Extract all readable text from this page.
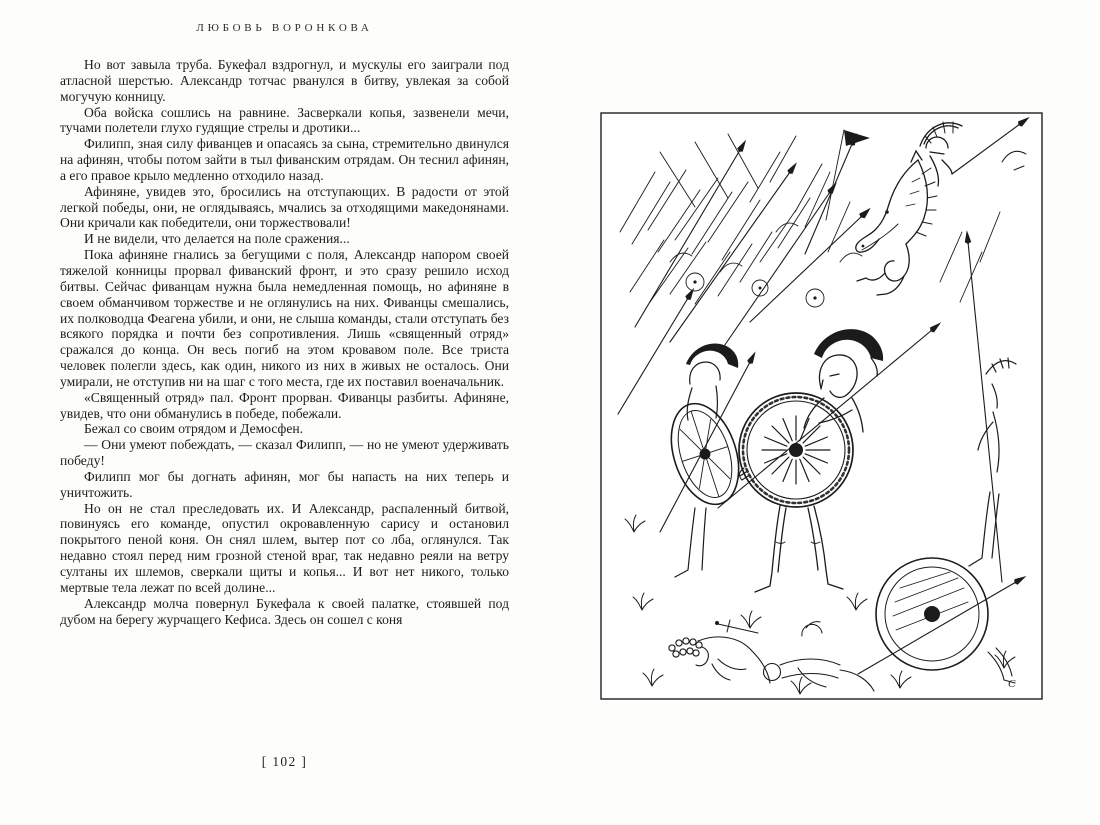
ЛЮБОВЬ ВОРОНКОВА

Но вот завыла труба. Букефал вздрогнул, и мускулы его заиграли под атласной шерстью. Александр тотчас рванулся в битву, увлекая за собой могучую конницу.

Оба войска сошлись на равнине. Засверкали копья, зазвенели мечи, тучами полетели глухо гудящие стрелы и дротики...

Филипп, зная силу фиванцев и опасаясь за сына, стремительно двинулся на афинян, чтобы потом зайти в тыл фиванским отрядам. Он теснил афинян, а его правое крыло медленно отходило назад.

Афиняне, увидев это, бросились на отступающих. В радости от этой легкой победы, они, не оглядываясь, мчались за отходящими македонянами. Они кричали как победители, они торжествовали!

И не видели, что делается на поле сражения...

Пока афиняне гнались за бегущими с поля, Александр напором своей тяжелой конницы прорвал фиванский фронт, и это сразу решило исход битвы. Сейчас фиванцам нужна была немедленная помощь, но афиняне в своем обманчивом торжестве и не оглянулись на них. Фиванцы смешались, их полководца Феагена убили, и они, не слыша команды, стали отступать без всякого порядка и почти без сопротивления. Лишь «священный отряд» сражался до конца. Он весь погиб на этом кровавом поле. Все триста человек полегли здесь, как один, никого из них в живых не осталось. Они умирали, не отступив ни на шаг с того места, где их поставил военачальник.

«Священный отряд» пал. Фронт прорван. Фиванцы разбиты. Афиняне, увидев, что они обманулись в победе, побежали.

Бежал со своим отрядом и Демосфен.

— Они умеют побеждать, — сказал Филипп, — но не умеют удерживать победу!

Филипп мог бы догнать афинян, мог бы напасть на них теперь и уничтожить.

Но он не стал преследовать их. И Александр, распаленный битвой, повинуясь его команде, опустил окровавленную сарису и остановил покрытого пеной коня. Он снял шлем, вытер пот со лба, оглянулся. Так недавно стоял перед ним грозной стеной враг, так недавно реяли на ветру султаны их шлемов, сверкали щиты и копья... И вот нет никого, только мертвые тела лежат по всей долине...

Александр молча повернул Букефала к своей палатке, стоявшей под дубом на берегу журчащего Кефиса. Здесь он сошел с коня

[ 102 ]
С
